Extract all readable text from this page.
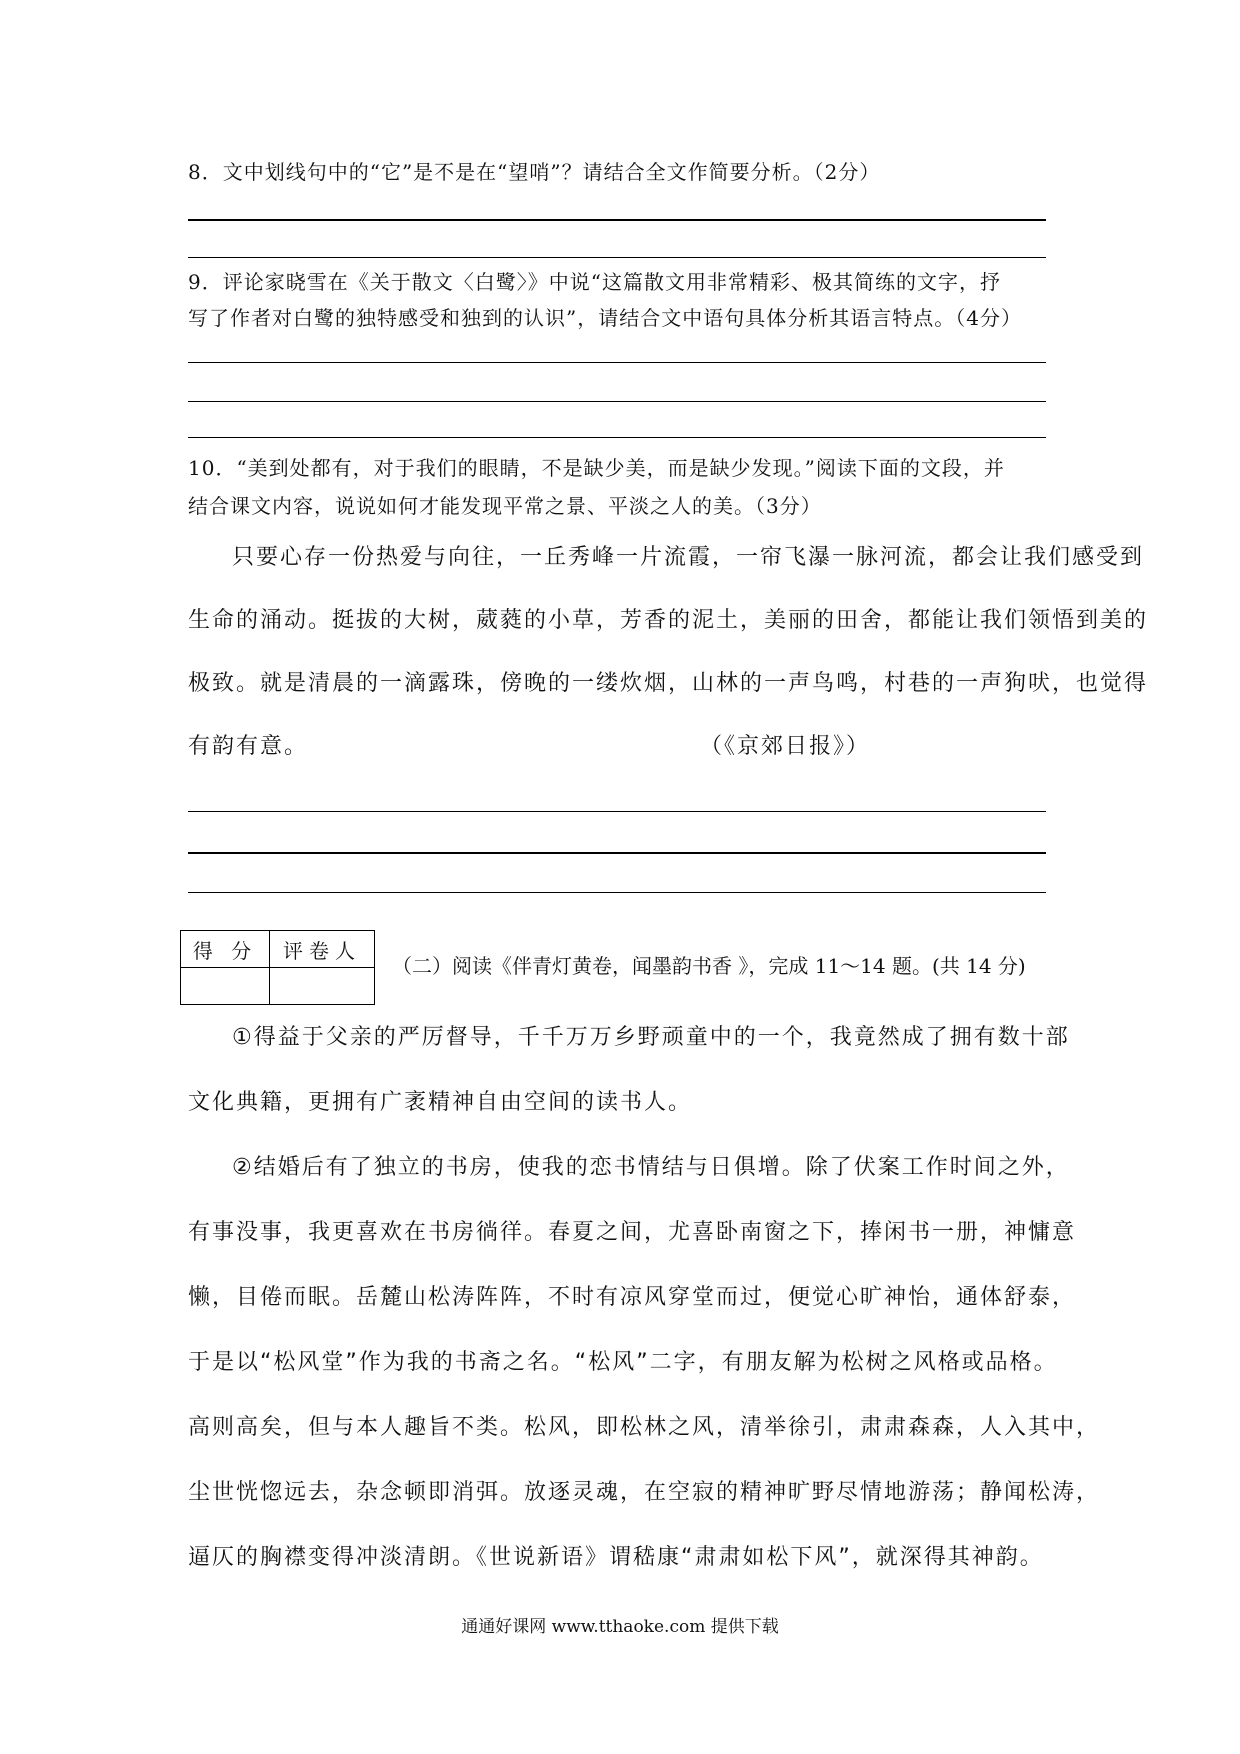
8．文中划线句中的“它”是不是在“望哨”？请结合全文作简要分析。（2分）
9．评论家晓雪在《关于散文〈白鹭〉》中说“这篇散文用非常精彩、极其简练的文字，抒
写了作者对白鹭的独特感受和独到的认识”，请结合文中语句具体分析其语言特点。（4分）
10．“美到处都有，对于我们的眼睛，不是缺少美，而是缺少发现。”阅读下面的文段，并
结合课文内容，说说如何才能发现平常之景、平淡之人的美。（3分）
只要心存一份热爱与向往，一丘秀峰一片流霞，一帘飞瀑一脉河流，都会让我们感受到
生命的涌动。挺拔的大树，葳蕤的小草，芳香的泥土，美丽的田舍，都能让我们领悟到美的
极致。就是清晨的一滴露珠，傍晚的一缕炊烟，山林的一声鸟鸣，村巷的一声狗吠，也觉得
有韵有意。	（《京郊日报》）
得 分	评卷人

（二）阅读《伴青灯黄卷，闻墨韵书香 》，完成 11～14 题。(共 14 分)
①得益于父亲的严厉督导，千千万万乡野顽童中的一个，我竟然成了拥有数十部
文化典籍，更拥有广袤精神自由空间的读书人。
②结婚后有了独立的书房，使我的恋书情结与日俱增。除了伏案工作时间之外，
有事没事，我更喜欢在书房徜徉。春夏之间，尤喜卧南窗之下，捧闲书一册，神慵意
懒，目倦而眠。岳麓山松涛阵阵，不时有凉风穿堂而过，便觉心旷神怡，通体舒泰，
于是以“松风堂”作为我的书斋之名。“松风”二字，有朋友解为松树之风格或品格。
高则高矣，但与本人趣旨不类。松风，即松林之风，清举徐引，肃肃森森，人入其中，
尘世恍惚远去，杂念顿即消弭。放逐灵魂，在空寂的精神旷野尽情地游荡；静闻松涛，
逼仄的胸襟变得冲淡清朗。《世说新语》谓嵇康“肃肃如松下风”，就深得其神韵。
通通好课网 www.tthaoke.com 提供下载
